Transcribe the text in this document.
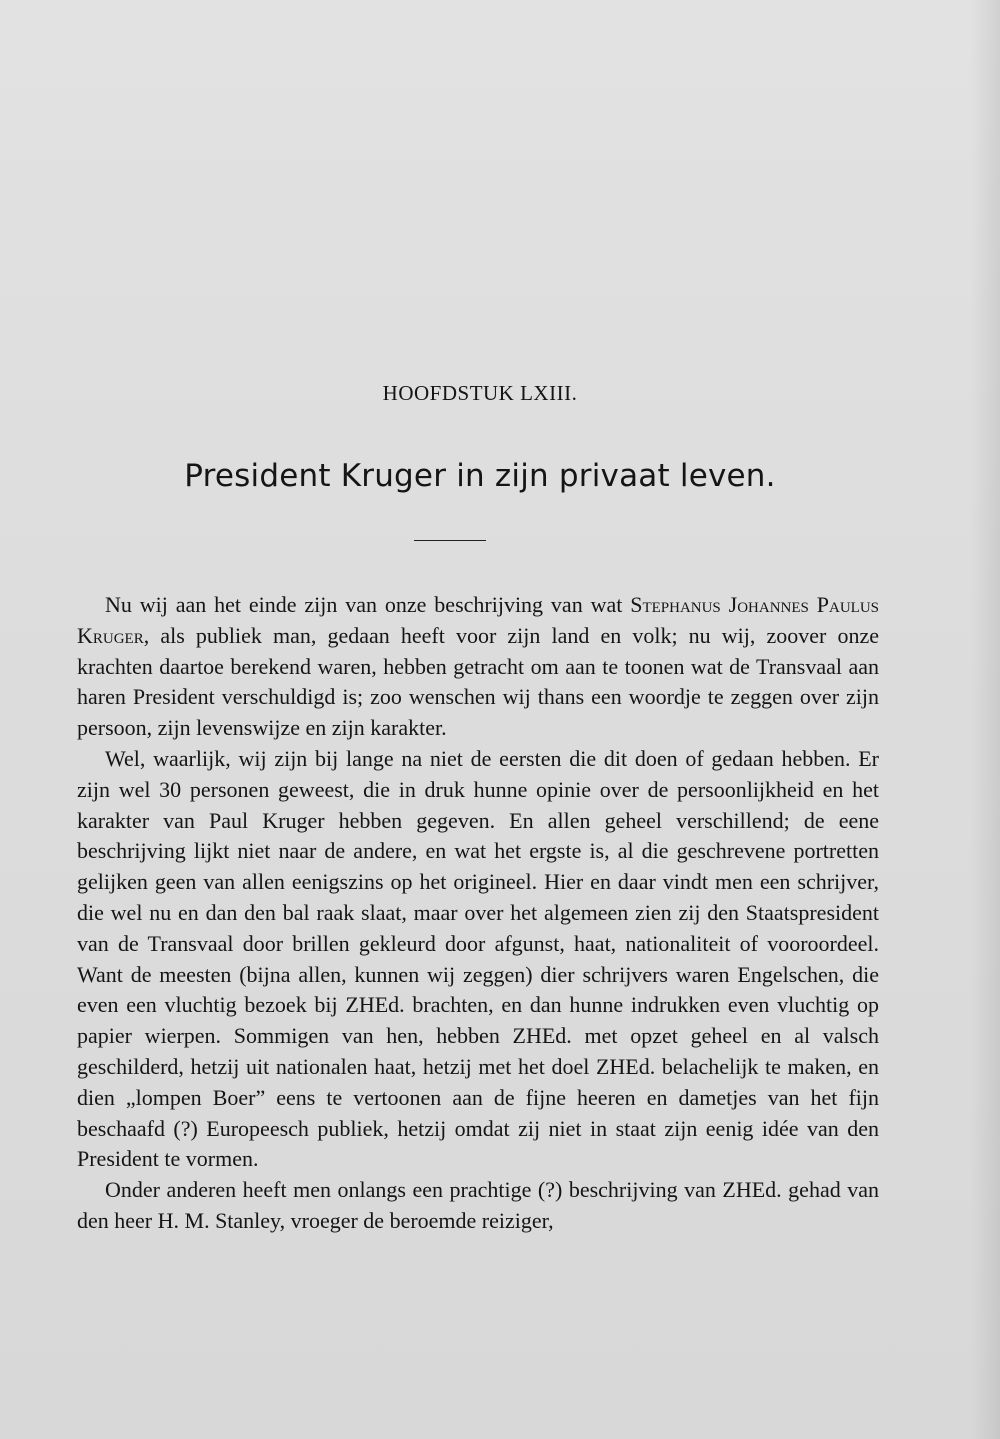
HOOFDSTUK LXIII.
President Kruger in zijn privaat leven.

Nu wij aan het einde zijn van onze beschrijving van wat Stephanus Johannes Paulus Kruger, als publiek man, gedaan heeft voor zijn land en volk; nu wij, zoover onze krachten daartoe berekend waren, hebben getracht om aan te toonen wat de Transvaal aan haren President verschuldigd is; zoo wenschen wij thans een woordje te zeggen over zijn persoon, zijn levenswijze en zijn karakter.

Wel, waarlijk, wij zijn bij lange na niet de eersten die dit doen of gedaan hebben. Er zijn wel 30 personen geweest, die in druk hunne opinie over de persoonlijkheid en het karakter van Paul Kruger hebben gegeven. En allen geheel verschillend; de eene beschrijving lijkt niet naar de andere, en wat het ergste is, al die geschrevene portretten gelijken geen van allen eenigszins op het origineel. Hier en daar vindt men een schrijver, die wel nu en dan den bal raak slaat, maar over het algemeen zien zij den Staatspresident van de Transvaal door brillen gekleurd door afgunst, haat, nationaliteit of vooroordeel. Want de meesten (bijna allen, kunnen wij zeggen) dier schrijvers waren Engelschen, die even een vluchtig bezoek bij ZHEd. brachten, en dan hunne indrukken even vluchtig op papier wierpen. Sommigen van hen, hebben ZHEd. met opzet geheel en al valsch geschilderd, hetzij uit nationalen haat, hetzij met het doel ZHEd. belachelijk te maken, en dien „lompen Boer” eens te vertoonen aan de fijne heeren en dametjes van het fijn beschaafd (?) Europeesch publiek, hetzij omdat zij niet in staat zijn eenig idée van den President te vormen.

Onder anderen heeft men onlangs een prachtige (?) beschrijving van ZHEd. gehad van den heer H. M. Stanley, vroeger de beroemde reiziger,
